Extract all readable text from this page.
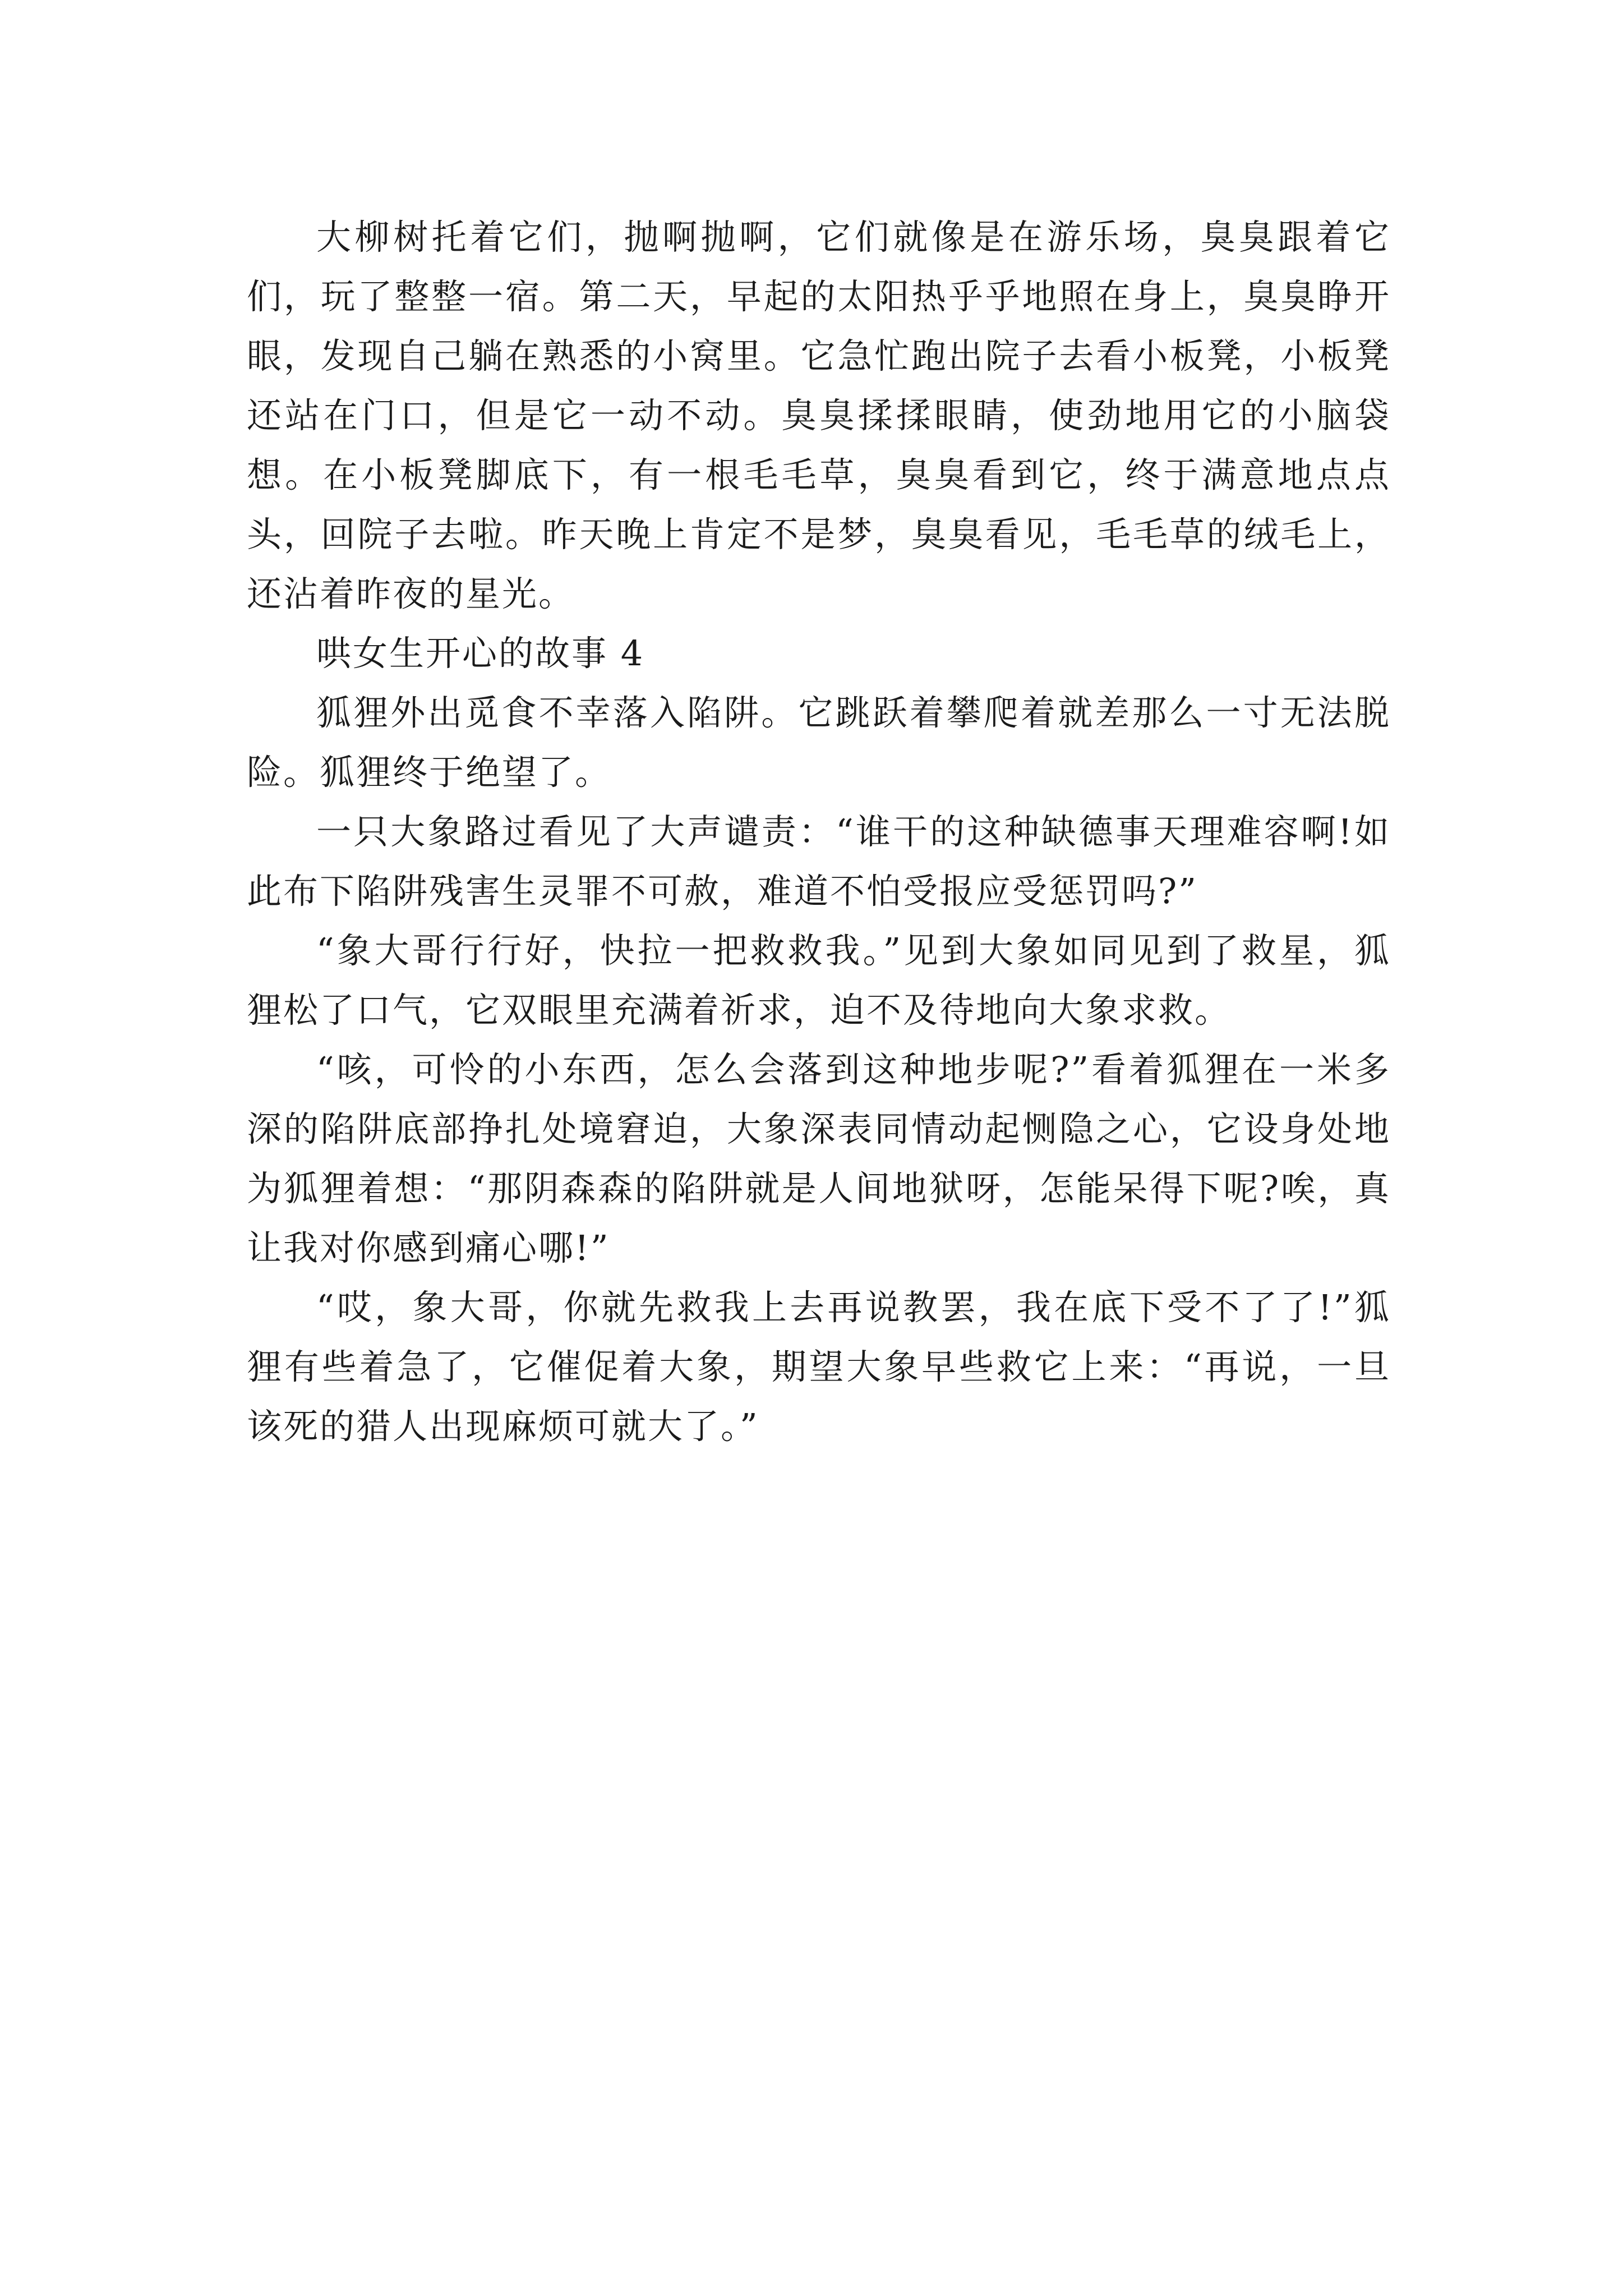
大柳树托着它们，抛啊抛啊，它们就像是在游乐场，臭臭跟着它们，玩了整整一宿。第二天，早起的太阳热乎乎地照在身上，臭臭睁开眼，发现自己躺在熟悉的小窝里。它急忙跑出院子去看小板凳，小板凳还站在门口，但是它一动不动。臭臭揉揉眼睛，使劲地用它的小脑袋想。在小板凳脚底下，有一根毛毛草，臭臭看到它，终于满意地点点头，回院子去啦。昨天晚上肯定不是梦，臭臭看见，毛毛草的绒毛上，还沾着昨夜的星光。

哄女生开心的故事 4

狐狸外出觅食不幸落入陷阱。它跳跃着攀爬着就差那么一寸无法脱险。狐狸终于绝望了。

一只大象路过看见了大声谴责：“谁干的这种缺德事天理难容啊!如此布下陷阱残害生灵罪不可赦，难道不怕受报应受惩罚吗?”

“象大哥行行好，快拉一把救救我。”见到大象如同见到了救星，狐狸松了口气，它双眼里充满着祈求，迫不及待地向大象求救。

“咳，可怜的小东西，怎么会落到这种地步呢?”看着狐狸在一米多深的陷阱底部挣扎处境窘迫，大象深表同情动起恻隐之心，它设身处地为狐狸着想：“那阴森森的陷阱就是人间地狱呀，怎能呆得下呢?唉，真让我对你感到痛心哪!”

“哎，象大哥，你就先救我上去再说教罢，我在底下受不了了!”狐狸有些着急了，它催促着大象，期望大象早些救它上来：“再说，一旦该死的猎人出现麻烦可就大了。”
